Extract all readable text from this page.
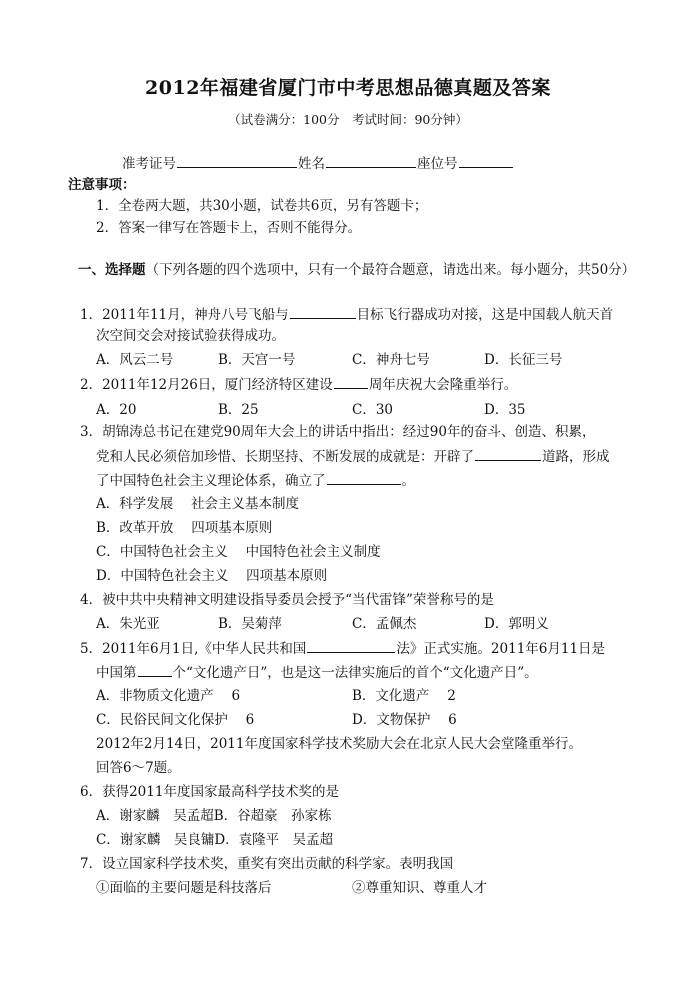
2012年福建省厦门市中考思想品德真题及答案
（试卷满分：100分　考试时间：90分钟）
准考证号	姓名	座位号
注意事项：
1．全卷两大题，共30小题，试卷共6页，另有答题卡；
2．答案一律写在答题卡上，否则不能得分。
一、选择题（下列各题的四个选项中，只有一个最符合题意，请选出来。每小题分，共50分）
1．2011年11月，神舟八号飞船与	目标飞行器成功对接，这是中国载人航天首
次空间交会对接试验获得成功。
A．风云二号	B．天宫一号	C．神舟七号	D．长征三号
2．2011年12月26日，厦门经济特区建设	周年庆祝大会隆重举行。
A．20	B．25	C．30	D．35
3．胡锦涛总书记在建党90周年大会上的讲话中指出：经过90年的奋斗、创造、积累，
党和人民必须倍加珍惜、长期坚持、不断发展的成就是：开辟了	道路，形成
了中国特色社会主义理论体系，确立了	。
A．科学发展　 社会主义基本制度
B．改革开放　 四项基本原则
C．中国特色社会主义　 中国特色社会主义制度
D．中国特色社会主义　 四项基本原则
4．被中共中央精神文明建设指导委员会授予“当代雷锋”荣誉称号的是
A．朱光亚	B．吴菊萍	C．孟佩杰	D．郭明义
5．2011年6月1日,《中华人民共和国	法》正式实施。2011年6月11日是
中国第	个“文化遗产日”，也是这一法律实施后的首个“文化遗产日”。
A．非物质文化遗产　 6	B．文化遗产　 2
C．民俗民间文化保护　 6	D．文物保护　 6
2012年2月14日，2011年度国家科学技术奖励大会在北京人民大会堂隆重举行。
回答6～7题。
6．获得2011年度国家最高科学技术奖的是
A．谢家麟　吴孟超B．谷超豪　孙家栋
C．谢家麟　吴良镛D．袁隆平　吴孟超
7．设立国家科学技术奖，重奖有突出贡献的科学家。表明我国
①面临的主要问题是科技落后	②尊重知识、尊重人才
